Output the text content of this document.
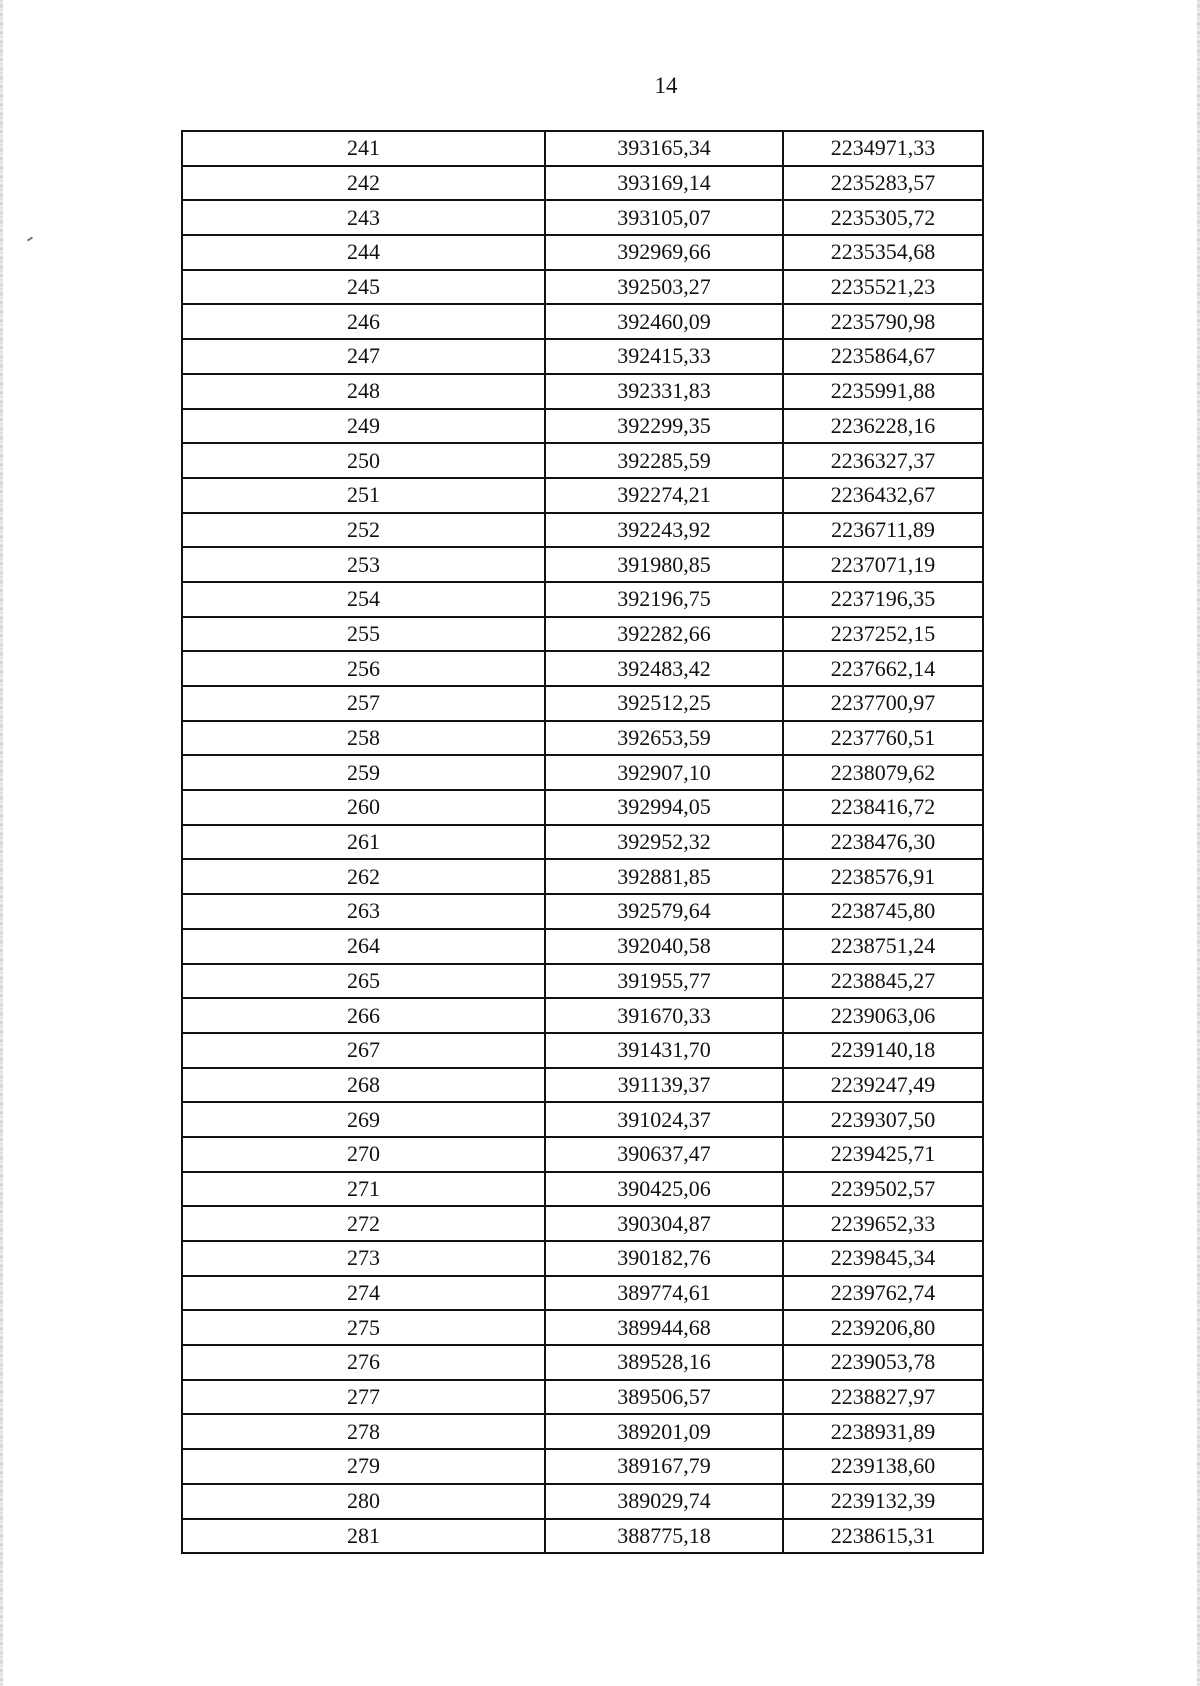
14
241	393165,34	2234971,33
242	393169,14	2235283,57
243	393105,07	2235305,72
244	392969,66	2235354,68
245	392503,27	2235521,23
246	392460,09	2235790,98
247	392415,33	2235864,67
248	392331,83	2235991,88
249	392299,35	2236228,16
250	392285,59	2236327,37
251	392274,21	2236432,67
252	392243,92	2236711,89
253	391980,85	2237071,19
254	392196,75	2237196,35
255	392282,66	2237252,15
256	392483,42	2237662,14
257	392512,25	2237700,97
258	392653,59	2237760,51
259	392907,10	2238079,62
260	392994,05	2238416,72
261	392952,32	2238476,30
262	392881,85	2238576,91
263	392579,64	2238745,80
264	392040,58	2238751,24
265	391955,77	2238845,27
266	391670,33	2239063,06
267	391431,70	2239140,18
268	391139,37	2239247,49
269	391024,37	2239307,50
270	390637,47	2239425,71
271	390425,06	2239502,57
272	390304,87	2239652,33
273	390182,76	2239845,34
274	389774,61	2239762,74
275	389944,68	2239206,80
276	389528,16	2239053,78
277	389506,57	2238827,97
278	389201,09	2238931,89
279	389167,79	2239138,60
280	389029,74	2239132,39
281	388775,18	2238615,31
